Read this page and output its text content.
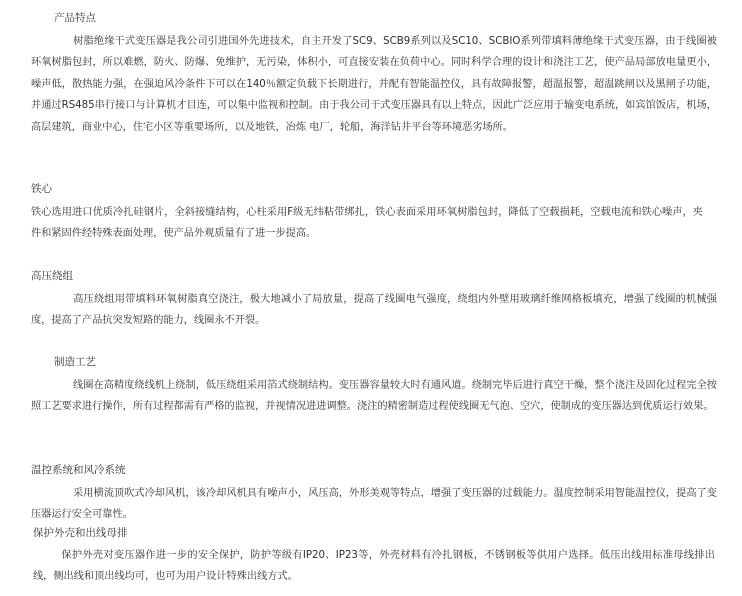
产品特点
树脂绝缘干式变压器是我公司引进国外先进技术，自主开发了SC9、SCB9系列以及SC10、SCBIO系列带填料薄绝缘干式变压器，由于线圈被环氧树脂包封，所以难燃，防火、防爆、免维护，无污染，体积小，可直接安装在负荷中心。同时科学合理的设计和浇注工艺，使产品局部放电量更小，噪声低，散热能力强，在强迫风冷条件下可以在140％额定负载下长期进行，并配有智能温控仪，具有故障报警，超温报警，超温跳闸以及黑闸子功能，并通过RS485串行接口与计算机才目连，可以集中监视和控制。由于我公司干式变压器具有以上特点，因此广泛应用于输变电系统，如宾馆饭店，机场，高层建筑，商业中心，住宅小区等重要场所，以及地铁，冶炼 电厂，轮船，海洋钻井平台等环境恶劣场所。
铁心
铁心选用进口优质冷扎硅钢片，全斜接缝结构，心柱采用F级无纬粘带绑扎，铁心表面采用环氧树脂包封，降低了空载损耗，空载电流和铁心噪声，夹件和紧固件经特殊表面处理，使产品外观质量有了进一步提高。
高压绕组
高压绕组用带填料环氧树脂真空浇注，极大地减小了局放量，提高了线圈电气强度，绕组内外壁用玻璃纤维网格板填充，增强了线圈的机械强度，提高了产品抗突发短路的能力，线圈永不开裂。
制造工艺
线圈在高精度绕线机上绕制，低压绕组采用箔式绕制结构。变压器容量较大时有通风道。绕制完毕后进行真空干燥，整个浇注及固化过程完全按照工艺要求进行操作，所有过程都需有严格的监视，并视情况进进调整。浇注的精密制造过程使线圈无气泡、空穴，使制成的变压器达到优质运行效果。
温控系统和风冷系统
采用横流顶吹式冷却风机，该冷却风机具有噪声小，风压高，外形美观等特点，增强了变压器的过载能力。温度控制采用智能温控仪，提高了变压器运行安全可靠性。
保护外壳和出线母排
保护外壳对变压器作进一步的安全保护，防护等级有IP20、IP23等，外壳材料有冷扎钢板，不锈钢板等供用户选择。低压出线用标准母线排出线，侧出线和顶出线均可，也可为用户设计特殊出线方式。
